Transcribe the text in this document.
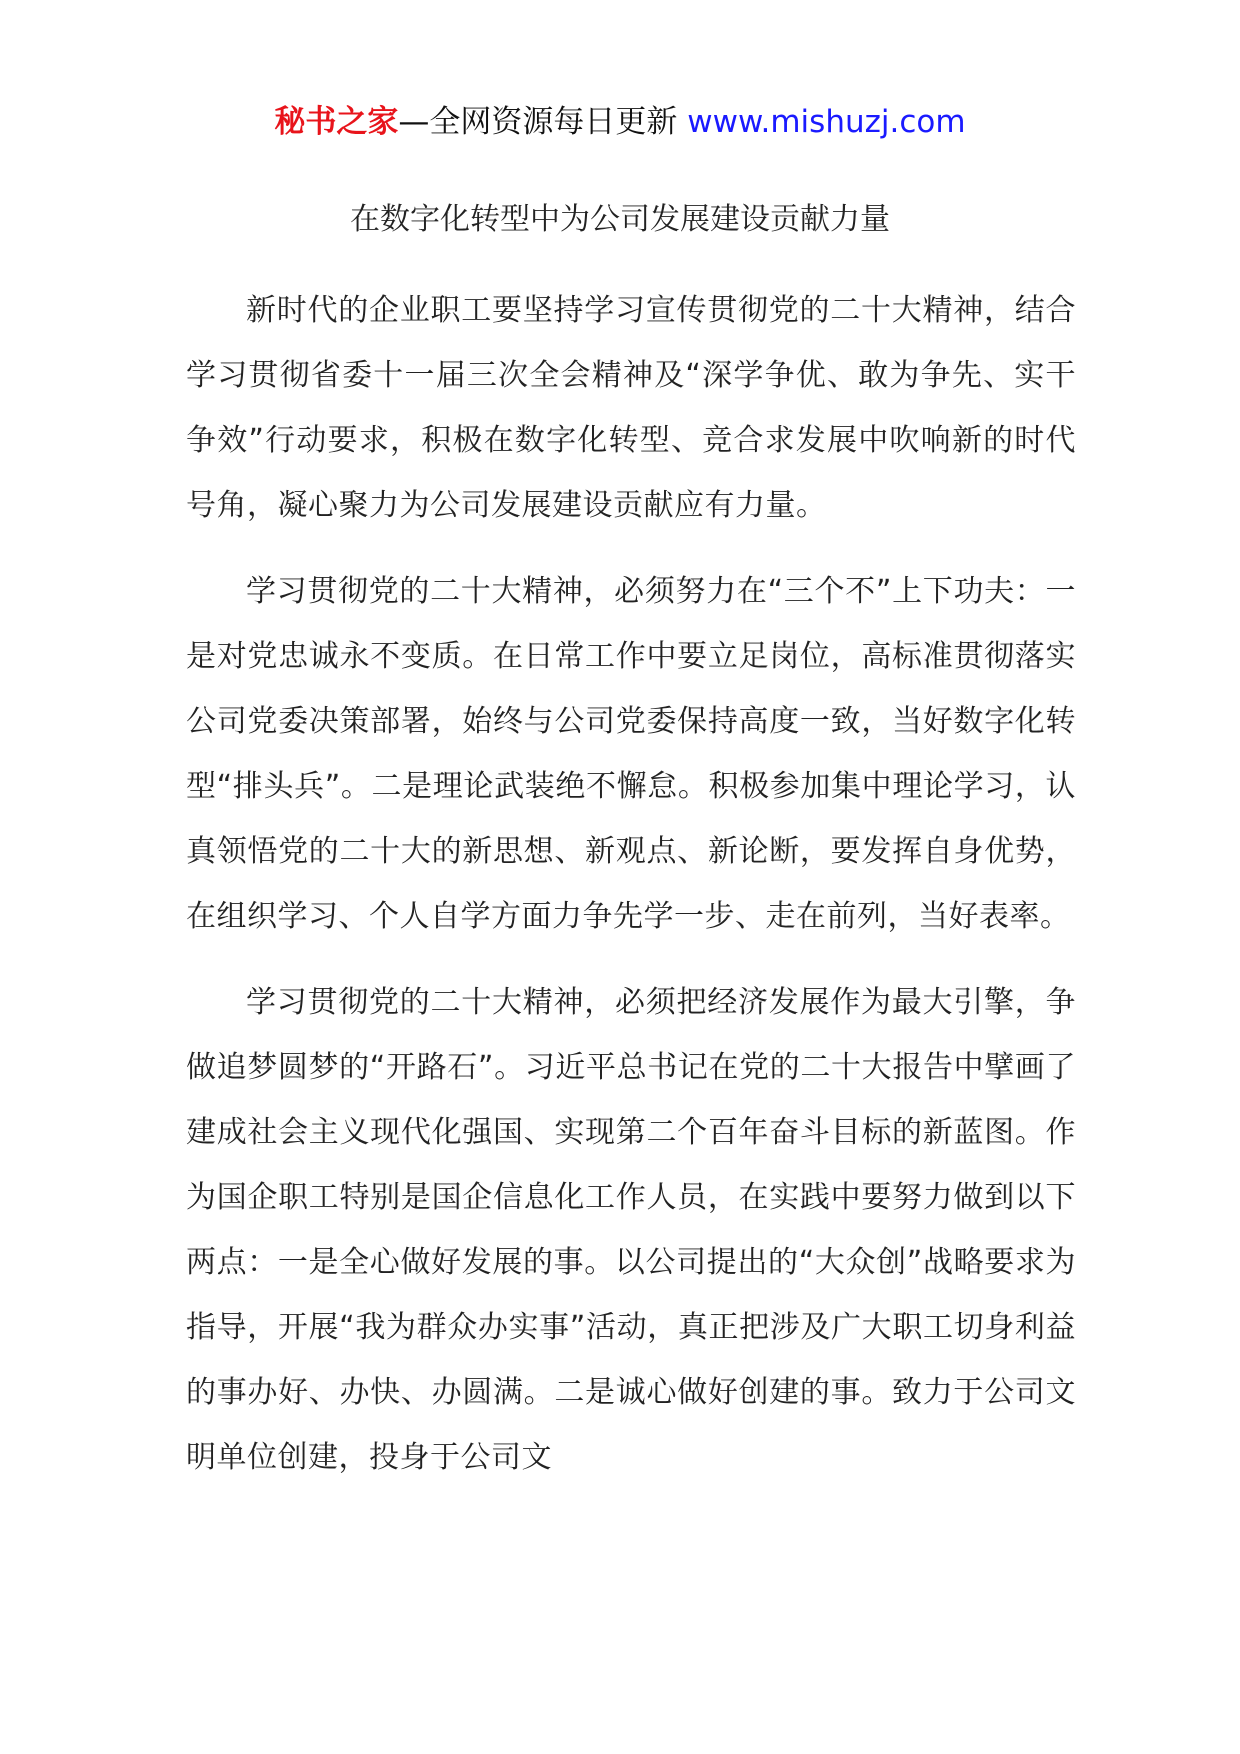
秘书之家—全网资源每日更新 www.mishuzj.com
在数字化转型中为公司发展建设贡献力量

新时代的企业职工要坚持学习宣传贯彻党的二十大精神，结合学习贯彻省委十一届三次全会精神及“深学争优、敢为争先、实干争效”行动要求，积极在数字化转型、竞合求发展中吹响新的时代号角，凝心聚力为公司发展建设贡献应有力量。

学习贯彻党的二十大精神，必须努力在“三个不”上下功夫：一是对党忠诚永不变质。在日常工作中要立足岗位，高标准贯彻落实公司党委决策部署，始终与公司党委保持高度一致，当好数字化转型“排头兵”。二是理论武装绝不懈怠。积极参加集中理论学习，认真领悟党的二十大的新思想、新观点、新论断，要发挥自身优势，在组织学习、个人自学方面力争先学一步、走在前列，当好表率。

学习贯彻党的二十大精神，必须把经济发展作为最大引擎，争做追梦圆梦的“开路石”。习近平总书记在党的二十大报告中擘画了建成社会主义现代化强国、实现第二个百年奋斗目标的新蓝图。作为国企职工特别是国企信息化工作人员，在实践中要努力做到以下两点：一是全心做好发展的事。以公司提出的“大众创”战略要求为指导，开展“我为群众办实事”活动，真正把涉及广大职工切身利益的事办好、办快、办圆满。二是诚心做好创建的事。致力于公司文明单位创建，投身于公司文
